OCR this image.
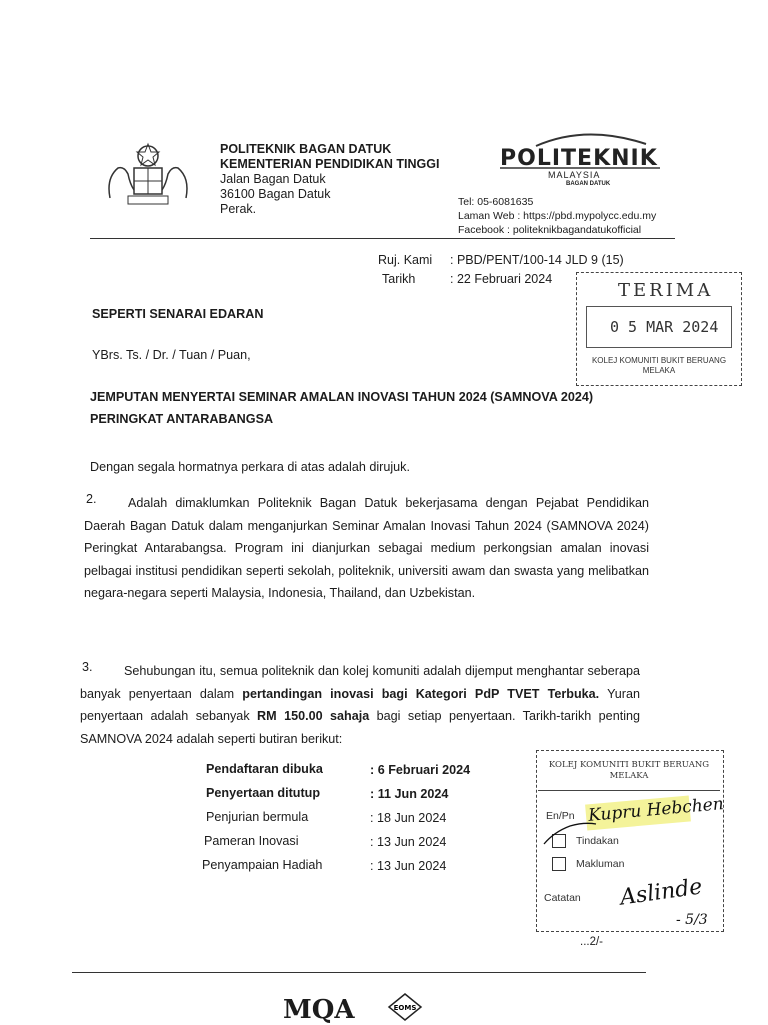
POLITEKNIK BAGAN DATUK
KEMENTERIAN PENDIDIKAN TINGGI
Jalan Bagan Datuk
36100 Bagan Datuk
Perak.
POLITEKNIK
MALAYSIA
BAGAN DATUK
Tel: 05-6081635
Laman Web : https://pbd.mypolycc.edu.my
Facebook : politeknikbagandatukofficial
Ruj. Kami : PBD/PENT/100-14 JLD 9 (15)
Tarikh	: 22 Februari 2024
TERIMA
0 5 MAR 2024
KOLEJ KOMUNITI BUKIT BERUANG MELAKA
SEPERTI SENARAI EDARAN
YBrs. Ts. / Dr. / Tuan / Puan,
JEMPUTAN MENYERTAI SEMINAR AMALAN INOVASI TAHUN 2024 (SAMNOVA 2024)
PERINGKAT ANTARABANGSA
Dengan segala hormatnya perkara di atas adalah dirujuk.
2.	Adalah dimaklumkan Politeknik Bagan Datuk bekerjasama dengan Pejabat Pendidikan Daerah Bagan Datuk dalam menganjurkan Seminar Amalan Inovasi Tahun 2024 (SAMNOVA 2024) Peringkat Antarabangsa. Program ini dianjurkan sebagai medium perkongsian amalan inovasi pelbagai institusi pendidikan seperti sekolah, politeknik, universiti awam dan swasta yang melibatkan negara-negara seperti Malaysia, Indonesia, Thailand, dan Uzbekistan.
3.	Sehubungan itu, semua politeknik dan kolej komuniti adalah dijemput menghantar seberapa banyak penyertaan dalam pertandingan inovasi bagi Kategori PdP TVET Terbuka. Yuran penyertaan adalah sebanyak RM 150.00 sahaja bagi setiap penyertaan. Tarikh-tarikh penting SAMNOVA 2024 adalah seperti butiran berikut:
Pendaftaran dibuka	: 6 Februari 2024
Penyertaan ditutup	: 11 Jun 2024
Penjurian bermula	: 18 Jun 2024
Pameran Inovasi	: 13 Jun 2024
Penyampaian Hadiah	: 13 Jun 2024
KOLEJ KOMUNITI BUKIT BERUANG MELAKA
En/Pn Kupru Hebchen
Tindakan
Makluman
Catatan Aslinde
- 5/3
...2/-
MQA	EOMS
